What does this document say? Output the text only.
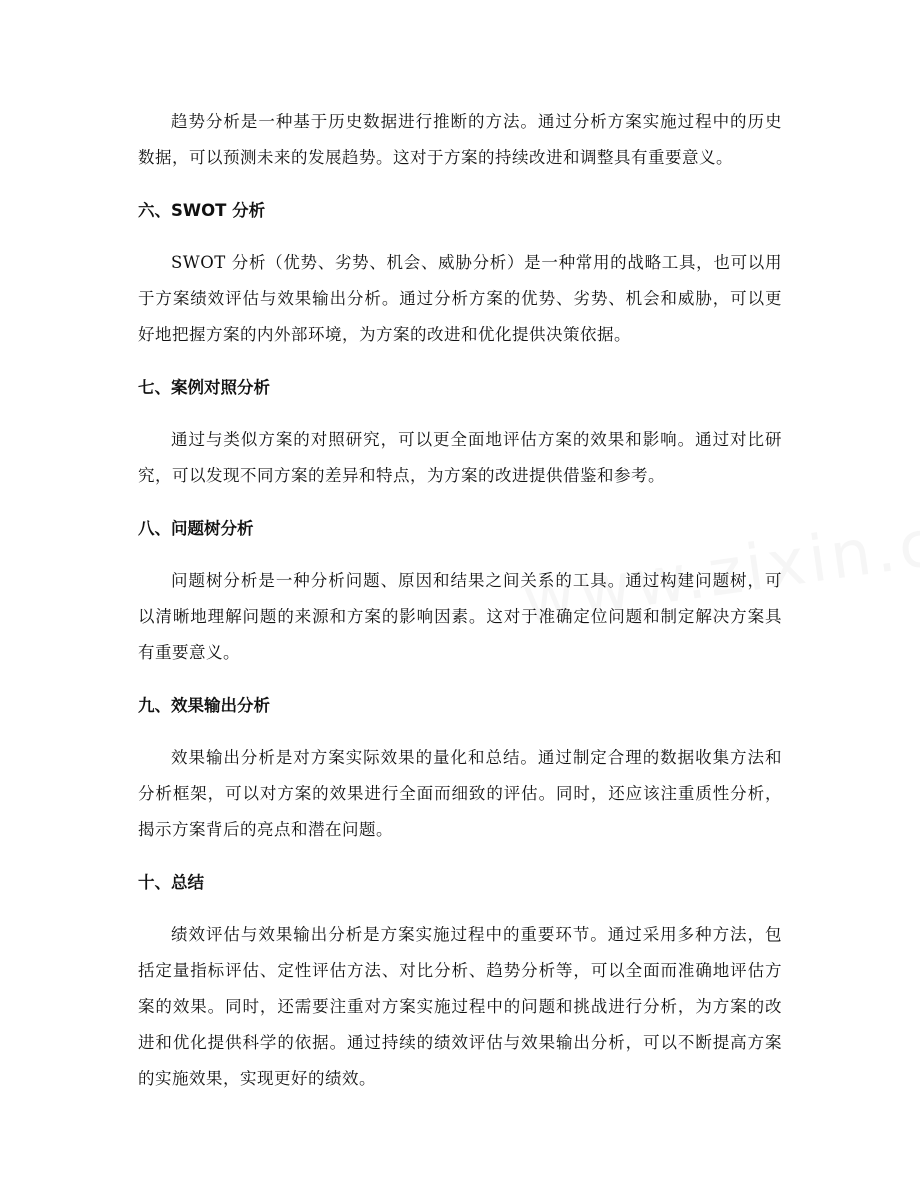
趋势分析是一种基于历史数据进行推断的方法。通过分析方案实施过程中的历史数据，可以预测未来的发展趋势。这对于方案的持续改进和调整具有重要意义。

六、SWOT 分析

SWOT 分析（优势、劣势、机会、威胁分析）是一种常用的战略工具，也可以用于方案绩效评估与效果输出分析。通过分析方案的优势、劣势、机会和威胁，可以更好地把握方案的内外部环境，为方案的改进和优化提供决策依据。

七、案例对照分析

通过与类似方案的对照研究，可以更全面地评估方案的效果和影响。通过对比研究，可以发现不同方案的差异和特点，为方案的改进提供借鉴和参考。

八、问题树分析

问题树分析是一种分析问题、原因和结果之间关系的工具。通过构建问题树，可以清晰地理解问题的来源和方案的影响因素。这对于准确定位问题和制定解决方案具有重要意义。

九、效果输出分析

效果输出分析是对方案实际效果的量化和总结。通过制定合理的数据收集方法和分析框架，可以对方案的效果进行全面而细致的评估。同时，还应该注重质性分析，揭示方案背后的亮点和潜在问题。

十、总结

绩效评估与效果输出分析是方案实施过程中的重要环节。通过采用多种方法，包括定量指标评估、定性评估方法、对比分析、趋势分析等，可以全面而准确地评估方案的效果。同时，还需要注重对方案实施过程中的问题和挑战进行分析，为方案的改进和优化提供科学的依据。通过持续的绩效评估与效果输出分析，可以不断提高方案的实施效果，实现更好的绩效。
